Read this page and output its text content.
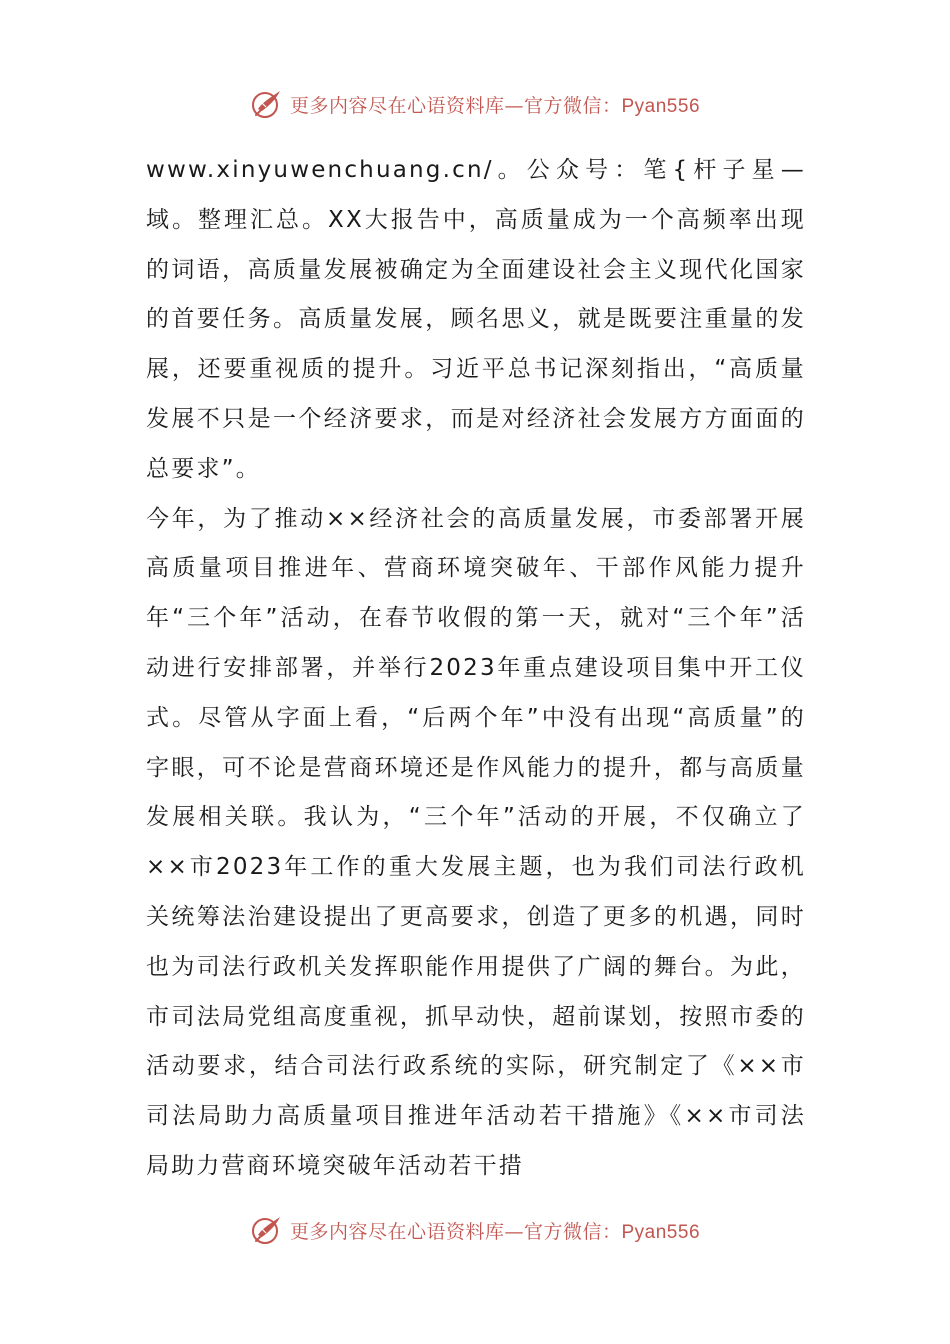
更多内容尽在心语资料库—官方微信：Pyan556

www.xinyuwenchuang.cn/。公众号：笔{杆子星—域。整理汇总。XX大报告中，高质量成为一个高频率出现的词语，高质量发展被确定为全面建设社会主义现代化国家的首要任务。高质量发展，顾名思义，就是既要注重量的发展，还要重视质的提升。习近平总书记深刻指出，“高质量发展不只是一个经济要求，而是对经济社会发展方方面面的总要求”。

今年，为了推动××经济社会的高质量发展，市委部署开展高质量项目推进年、营商环境突破年、干部作风能力提升年“三个年”活动，在春节收假的第一天，就对“三个年”活动进行安排部署，并举行2023年重点建设项目集中开工仪式。尽管从字面上看，“后两个年”中没有出现“高质量”的字眼，可不论是营商环境还是作风能力的提升，都与高质量发展相关联。我认为，“三个年”活动的开展，不仅确立了××市2023年工作的重大发展主题，也为我们司法行政机关统筹法治建设提出了更高要求，创造了更多的机遇，同时也为司法行政机关发挥职能作用提供了广阔的舞台。为此，市司法局党组高度重视，抓早动快，超前谋划，按照市委的活动要求，结合司法行政系统的实际，研究制定了《××市司法局助力高质量项目推进年活动若干措施》《××市司法局助力营商环境突破年活动若干措

更多内容尽在心语资料库—官方微信：Pyan556
